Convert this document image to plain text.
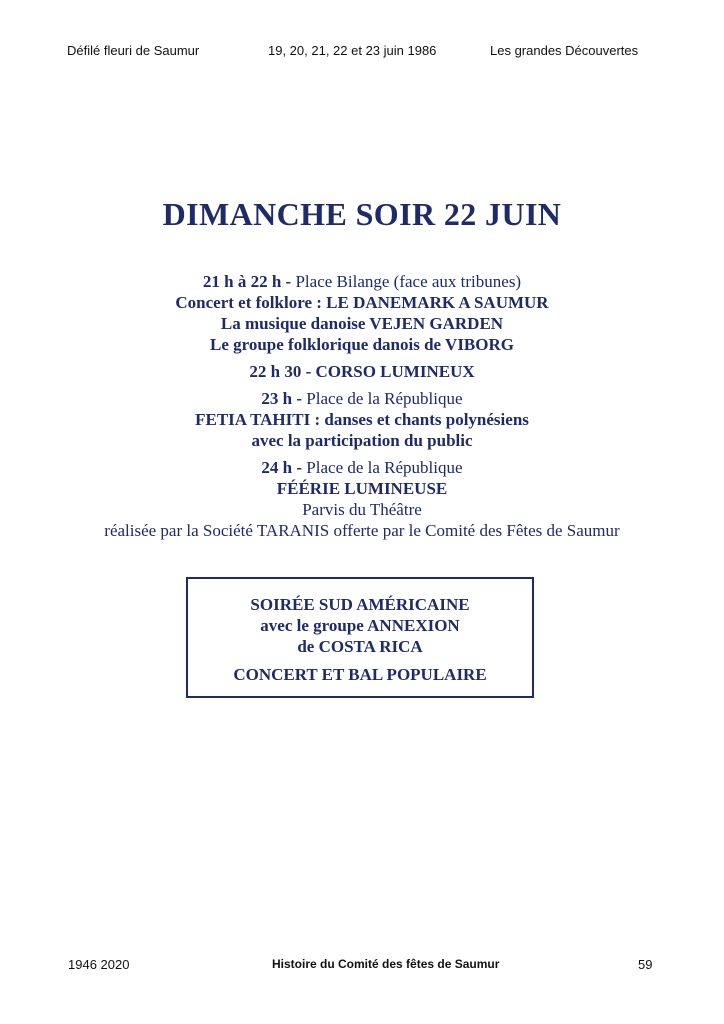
Défilé fleuri de Saumur	19, 20, 21, 22 et 23 juin 1986	Les grandes Découvertes
DIMANCHE SOIR 22 JUIN
21 h à 22 h - Place Bilange (face aux tribunes)
Concert et folklore : LE DANEMARK A SAUMUR
La musique danoise VEJEN GARDEN
Le groupe folklorique danois de VIBORG
22 h 30 - CORSO LUMINEUX
23 h - Place de la République
FETIA TAHITI : danses et chants polynésiens
avec la participation du public
24 h - Place de la République
FÉÉRIE LUMINEUSE
Parvis du Théâtre
réalisée par la Société TARANIS offerte par le Comité des Fêtes de Saumur
SOIRÉE SUD AMÉRICAINE
avec le groupe ANNEXION
de COSTA RICA
CONCERT ET BAL POPULAIRE
1946 2020	Histoire du Comité des fêtes de Saumur	59
